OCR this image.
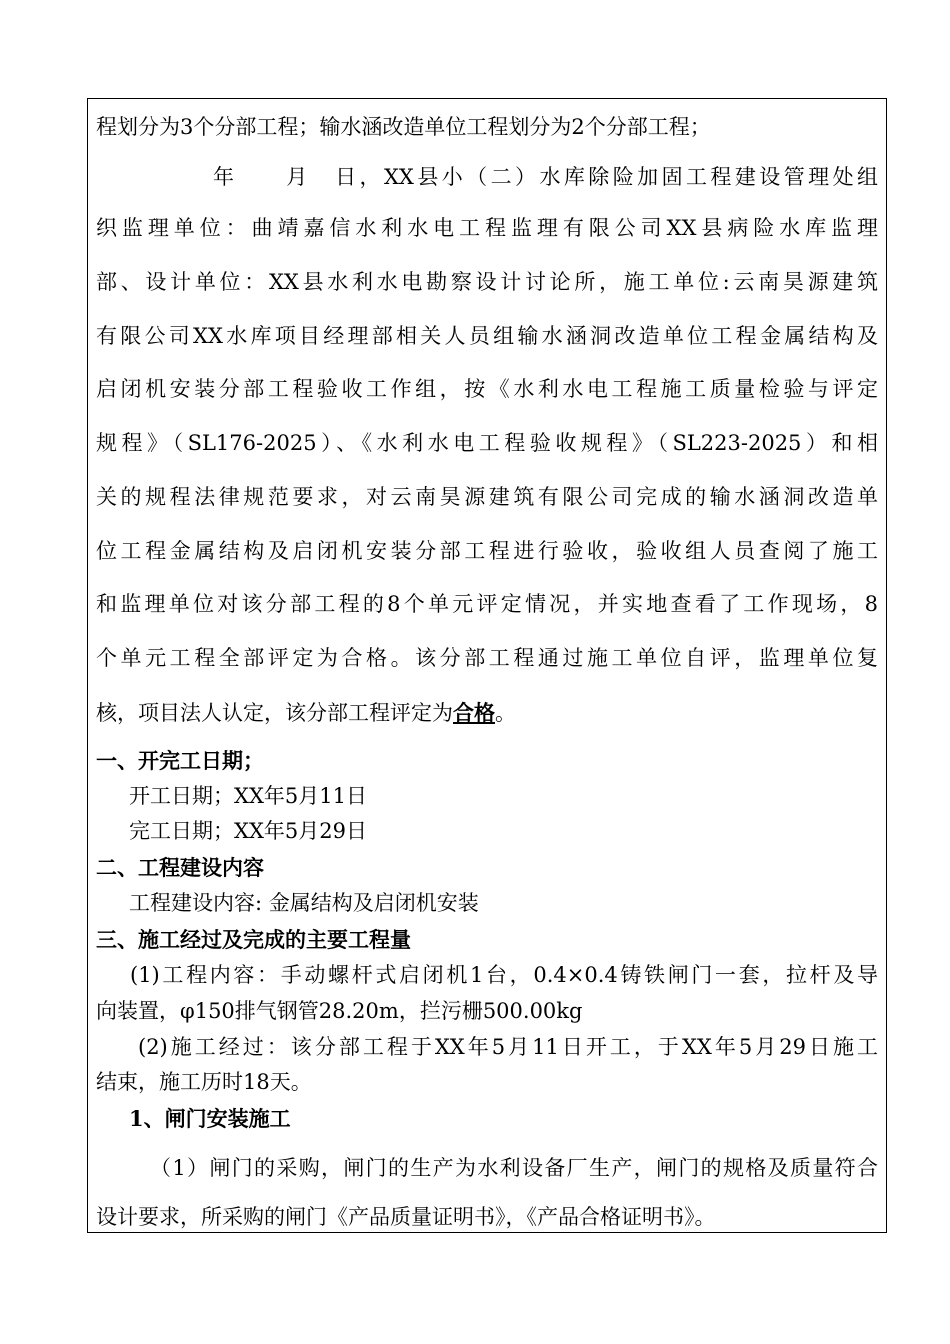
程划分为3个分部工程；输水涵改造单位工程划分为2个分部工程；
年　　月　日，XX县小（二）水库除险加固工程建设管理处组
织监理单位：曲靖嘉信水利水电工程监理有限公司XX县病险水库监理
部、设计单位：XX县水利水电勘察设计讨论所，施工单位:云南昊源建筑
有限公司XX水库项目经理部相关人员组输水涵洞改造单位工程金属结构及
启闭机安装分部工程验收工作组，按《水利水电工程施工质量检验与评定
规程》（SL176-2025）、《水利水电工程验收规程》（SL223-2025）和相
关的规程法律规范要求，对云南昊源建筑有限公司完成的输水涵洞改造单
位工程金属结构及启闭机安装分部工程进行验收，验收组人员查阅了施工
和监理单位对该分部工程的8个单元评定情况，并实地查看了工作现场，8
个单元工程全部评定为合格。该分部工程通过施工单位自评，监理单位复
核，项目法人认定，该分部工程评定为合格。
一、开完工日期；
开工日期；XX年5月11日
完工日期；XX年5月29日
二、工程建设内容
工程建设内容: 金属结构及启闭机安装
三、施工经过及完成的主要工程量
(1)工程内容：手动螺杆式启闭机1台，0.4×0.4铸铁闸门一套，拉杆及导
向装置，φ150排气钢管28.20m，拦污栅500.00kg
(2)施工经过：该分部工程于XX年5月11日开工，于XX年5月29日施工
结束，施工历时18天。
1、闸门安装施工
（1）闸门的采购，闸门的生产为水利设备厂生产，闸门的规格及质量符合
设计要求，所采购的闸门《产品质量证明书》，《产品合格证明书》。
